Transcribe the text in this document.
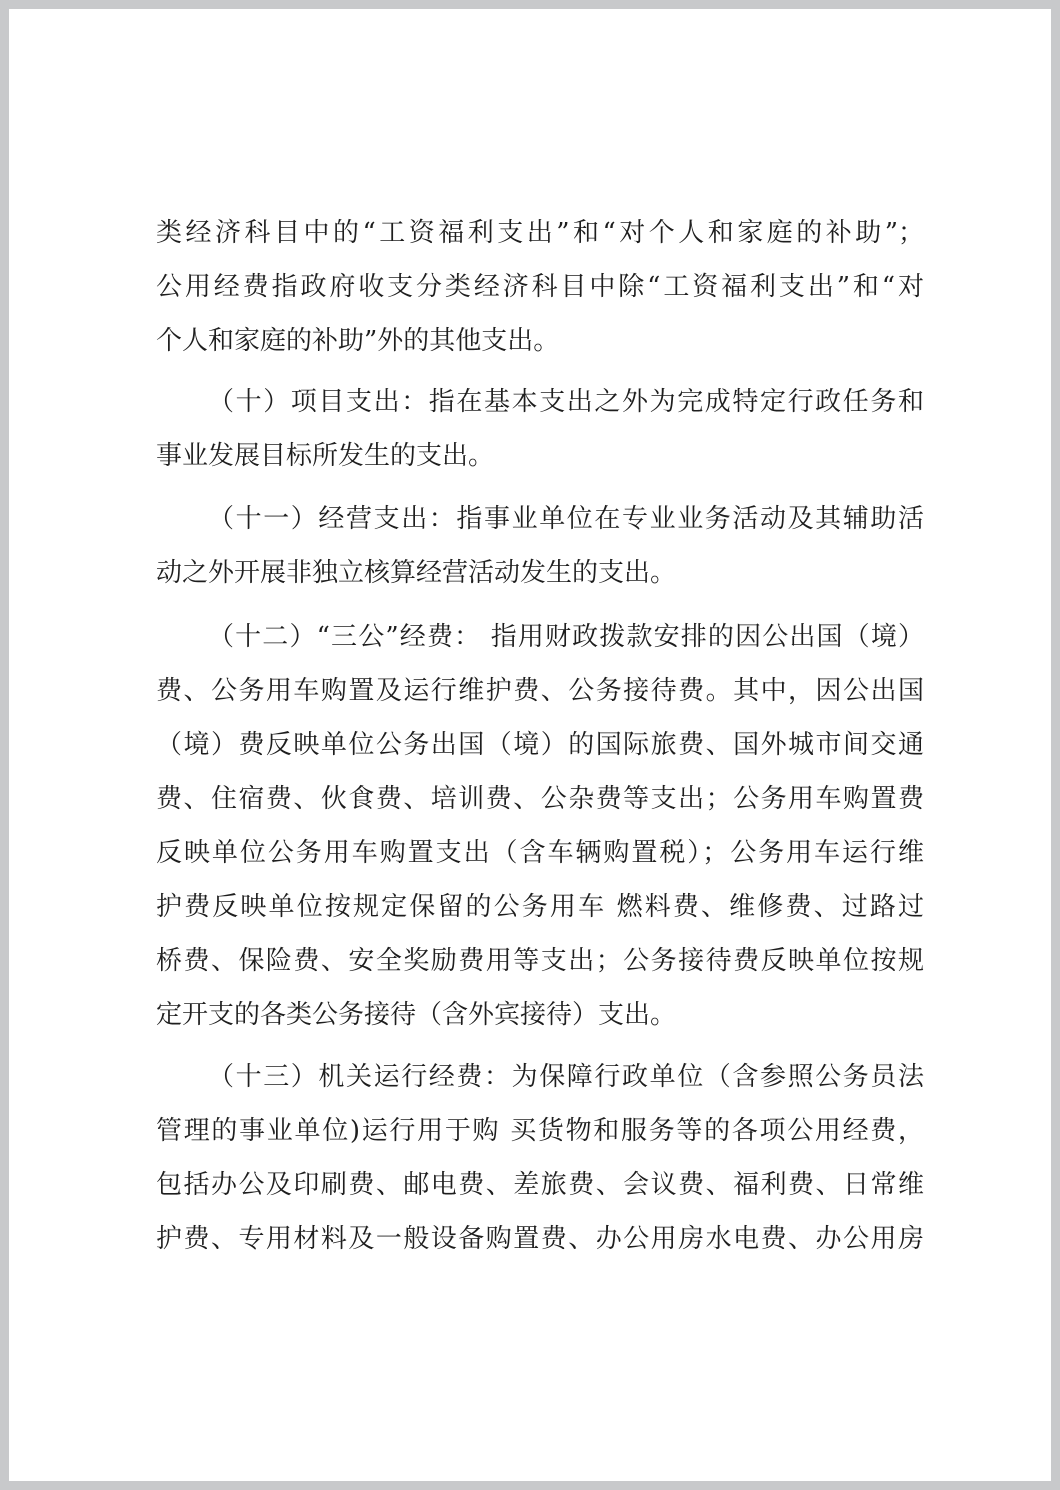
类经济科目中的“工资福利支出”和“对个人和家庭的补助”；
公用经费指政府收支分类经济科目中除“工资福利支出”和“对
个人和家庭的补助”外的其他支出。
（十）项目支出：指在基本支出之外为完成特定行政任务和
事业发展目标所发生的支出。
（十一）经营支出：指事业单位在专业业务活动及其辅助活
动之外开展非独立核算经营活动发生的支出。
（十二）“三公”经费： 指用财政拨款安排的因公出国（境）
费、公务用车购置及运行维护费、公务接待费。其中，因公出国
（境）费反映单位公务出国（境）的国际旅费、国外城市间交通
费、住宿费、伙食费、培训费、公杂费等支出；公务用车购置费
反映单位公务用车购置支出（含车辆购置税）；公务用车运行维
护费反映单位按规定保留的公务用车 燃料费、维修费、过路过
桥费、保险费、安全奖励费用等支出；公务接待费反映单位按规
定开支的各类公务接待（含外宾接待）支出。
（十三）机关运行经费：为保障行政单位（含参照公务员法
管理的事业单位)运行用于购 买货物和服务等的各项公用经费，
包括办公及印刷费、邮电费、差旅费、会议费、福利费、日常维
护费、专用材料及一般设备购置费、办公用房水电费、办公用房
